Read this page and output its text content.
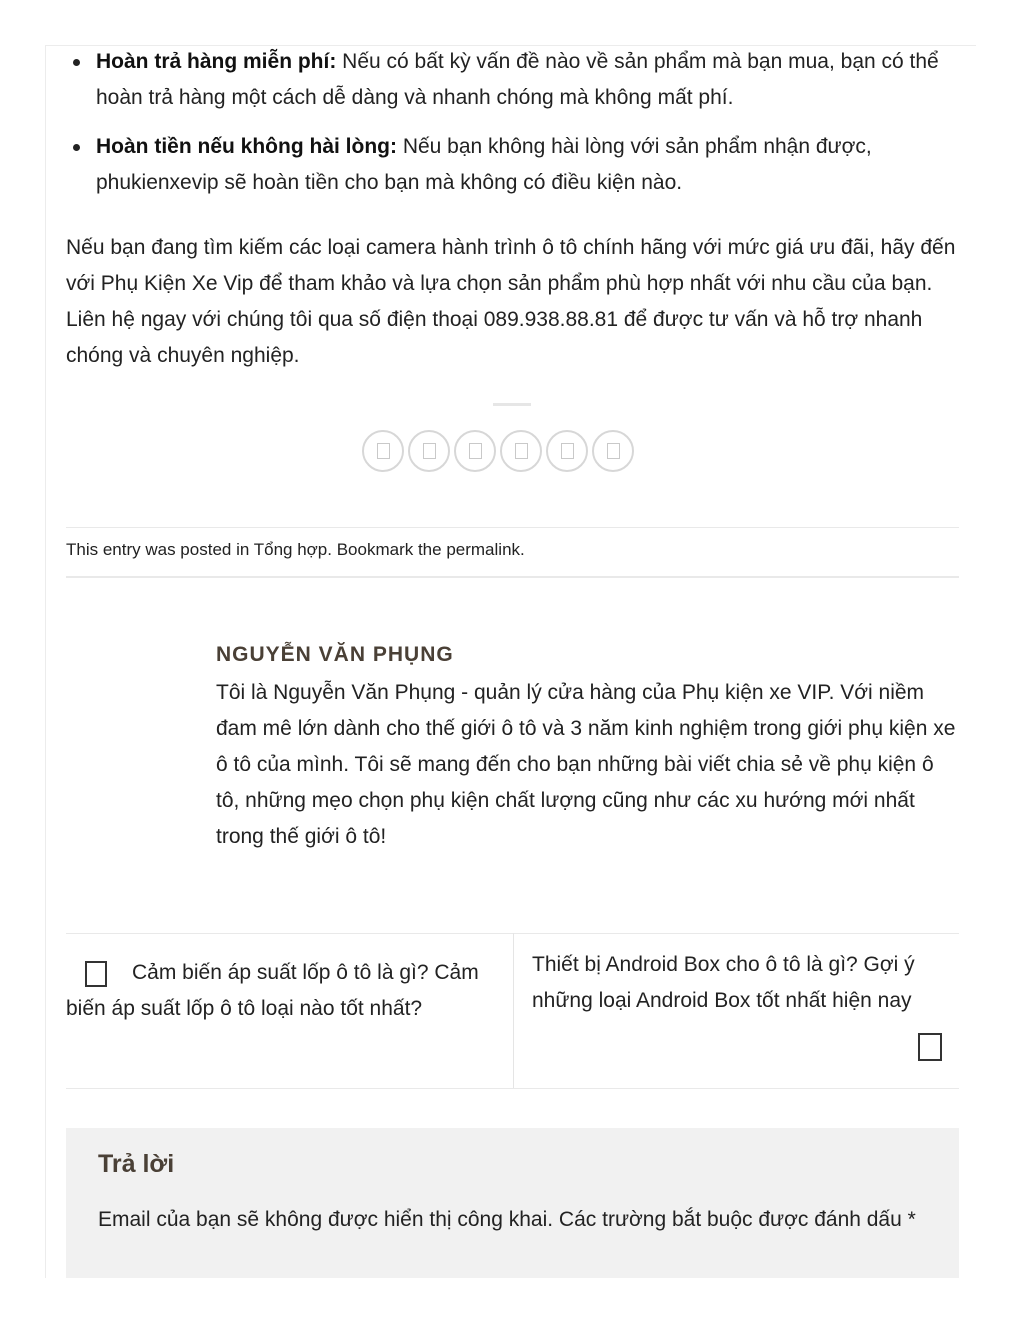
Hoàn trả hàng miễn phí: Nếu có bất kỳ vấn đề nào về sản phẩm mà bạn mua, bạn có thể hoàn trả hàng một cách dễ dàng và nhanh chóng mà không mất phí.
Hoàn tiền nếu không hài lòng: Nếu bạn không hài lòng với sản phẩm nhận được, phukienxevip sẽ hoàn tiền cho bạn mà không có điều kiện nào.

Nếu bạn đang tìm kiếm các loại camera hành trình ô tô chính hãng với mức giá ưu đãi, hãy đến với Phụ Kiện Xe Vip để tham khảo và lựa chọn sản phẩm phù hợp nhất với nhu cầu của bạn. Liên hệ ngay với chúng tôi qua số điện thoại 089.938.88.81 để được tư vấn và hỗ trợ nhanh chóng và chuyên nghiệp.

This entry was posted in Tổng hợp. Bookmark the permalink.
NGUYỄN VĂN PHỤNG

Tôi là Nguyễn Văn Phụng - quản lý cửa hàng của Phụ kiện xe VIP. Với niềm đam mê lớn dành cho thế giới ô tô và 3 năm kinh nghiệm trong giới phụ kiện xe ô tô của mình. Tôi sẽ mang đến cho bạn những bài viết chia sẻ về phụ kiện ô tô, những mẹo chọn phụ kiện chất lượng cũng như các xu hướng mới nhất trong thế giới ô tô!

Cảm biến áp suất lốp ô tô là gì? Cảm biến áp suất lốp ô tô loại nào tốt nhất?
Thiết bị Android Box cho ô tô là gì? Gợi ý những loại Android Box tốt nhất hiện nay
Trả lời

Email của bạn sẽ không được hiển thị công khai. Các trường bắt buộc được đánh dấu *
